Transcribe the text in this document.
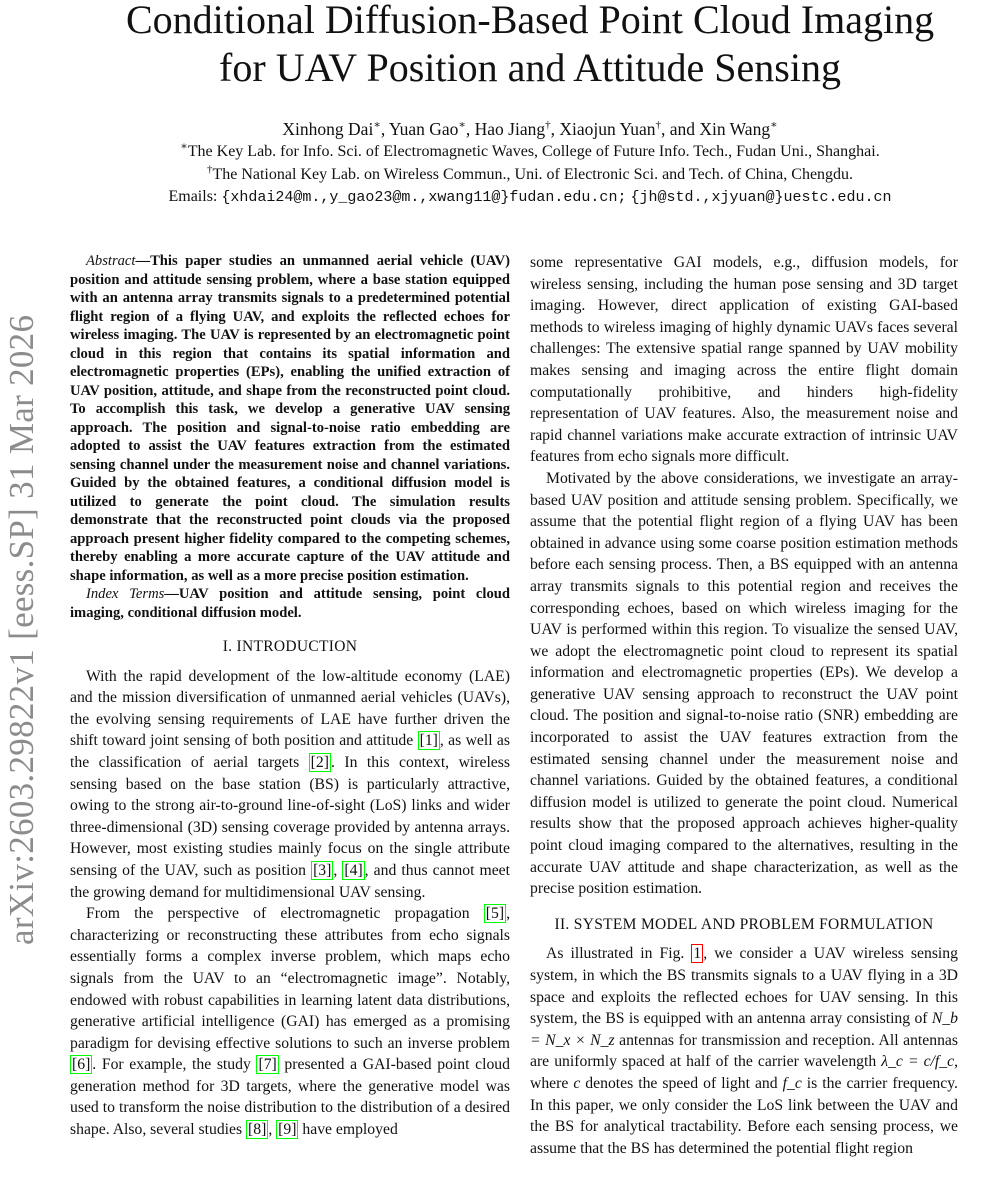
arXiv:2603.29822v1 [eess.SP] 31 Mar 2026
Conditional Diffusion-Based Point Cloud Imaging
for UAV Position and Attitude Sensing
Xinhong Dai∗, Yuan Gao∗, Hao Jiang†, Xiaojun Yuan†, and Xin Wang∗
∗The Key Lab. for Info. Sci. of Electromagnetic Waves, College of Future Info. Tech., Fudan Uni., Shanghai.
†The National Key Lab. on Wireless Commun., Uni. of Electronic Sci. and Tech. of China, Chengdu.
Emails: {xhdai24@m.,y_gao23@m.,xwang11@}fudan.edu.cn; {jh@std.,xjyuan@}uestc.edu.cn

Abstract—This paper studies an unmanned aerial vehicle (UAV) position and attitude sensing problem, where a base station equipped with an antenna array transmits signals to a predetermined potential flight region of a flying UAV, and exploits the reflected echoes for wireless imaging. The UAV is represented by an electromagnetic point cloud in this region that contains its spatial information and electromagnetic properties (EPs), enabling the unified extraction of UAV position, attitude, and shape from the reconstructed point cloud. To accomplish this task, we develop a generative UAV sensing approach. The position and signal-to-noise ratio embedding are adopted to assist the UAV features extraction from the estimated sensing channel under the measurement noise and channel variations. Guided by the obtained features, a conditional diffusion model is utilized to generate the point cloud. The simulation results demonstrate that the reconstructed point clouds via the proposed approach present higher fidelity compared to the competing schemes, thereby enabling a more accurate capture of the UAV attitude and shape information, as well as a more precise position estimation.

Index Terms—UAV position and attitude sensing, point cloud imaging, conditional diffusion model.

I. INTRODUCTION

With the rapid development of the low-altitude economy (LAE) and the mission diversification of unmanned aerial vehicles (UAVs), the evolving sensing requirements of LAE have further driven the shift toward joint sensing of both position and attitude [1] , as well as the classification of aerial targets [2] . In this context, wireless sensing based on the base station (BS) is particularly attractive, owing to the strong air-to-ground line-of-sight (LoS) links and wider three-dimensional (3D) sensing coverage provided by antenna arrays. However, most existing studies mainly focus on the single attribute sensing of the UAV, such as position [3] , [4] , and thus cannot meet the growing demand for multidimensional UAV sensing.

From the perspective of electromagnetic propagation [5] , characterizing or reconstructing these attributes from echo signals essentially forms a complex inverse problem, which maps echo signals from the UAV to an “electromagnetic image”. Notably, endowed with robust capabilities in learning latent data distributions, generative artificial intelligence (GAI) has emerged as a promising paradigm for devising effective solutions to such an inverse problem [6] . For example, the study [7] presented a GAI-based point cloud generation method for 3D targets, where the generative model was used to transform the noise distribution to the distribution of a desired shape. Also, several studies [8] , [9] have employed

some representative GAI models, e.g., diffusion models, for wireless sensing, including the human pose sensing and 3D target imaging. However, direct application of existing GAI-based methods to wireless imaging of highly dynamic UAVs faces several challenges: The extensive spatial range spanned by UAV mobility makes sensing and imaging across the entire flight domain computationally prohibitive, and hinders high-fidelity representation of UAV features. Also, the measurement noise and rapid channel variations make accurate extraction of intrinsic UAV features from echo signals more difficult.

Motivated by the above considerations, we investigate an array-based UAV position and attitude sensing problem. Specifically, we assume that the potential flight region of a flying UAV has been obtained in advance using some coarse position estimation methods before each sensing process. Then, a BS equipped with an antenna array transmits signals to this potential region and receives the corresponding echoes, based on which wireless imaging for the UAV is performed within this region. To visualize the sensed UAV, we adopt the electromagnetic point cloud to represent its spatial information and electromagnetic properties (EPs). We develop a generative UAV sensing approach to reconstruct the UAV point cloud. The position and signal-to-noise ratio (SNR) embedding are incorporated to assist the UAV features extraction from the estimated sensing channel under the measurement noise and channel variations. Guided by the obtained features, a conditional diffusion model is utilized to generate the point cloud. Numerical results show that the proposed approach achieves higher-quality point cloud imaging compared to the alternatives, resulting in the accurate UAV attitude and shape characterization, as well as the precise position estimation.

II. SYSTEM MODEL AND PROBLEM FORMULATION

As illustrated in Fig. 1 , we consider a UAV wireless sensing system, in which the BS transmits signals to a UAV flying in a 3D space and exploits the reflected echoes for UAV sensing. In this system, the BS is equipped with an antenna array consisting of N_b = N_x × N_z antennas for transmission and reception. All antennas are uniformly spaced at half of the carrier wavelength λ_c = c/f_c, where c denotes the speed of light and f_c is the carrier frequency. In this paper, we only consider the LoS link between the UAV and the BS for analytical tractability. Before each sensing process, we assume that the BS has determined the potential flight region
